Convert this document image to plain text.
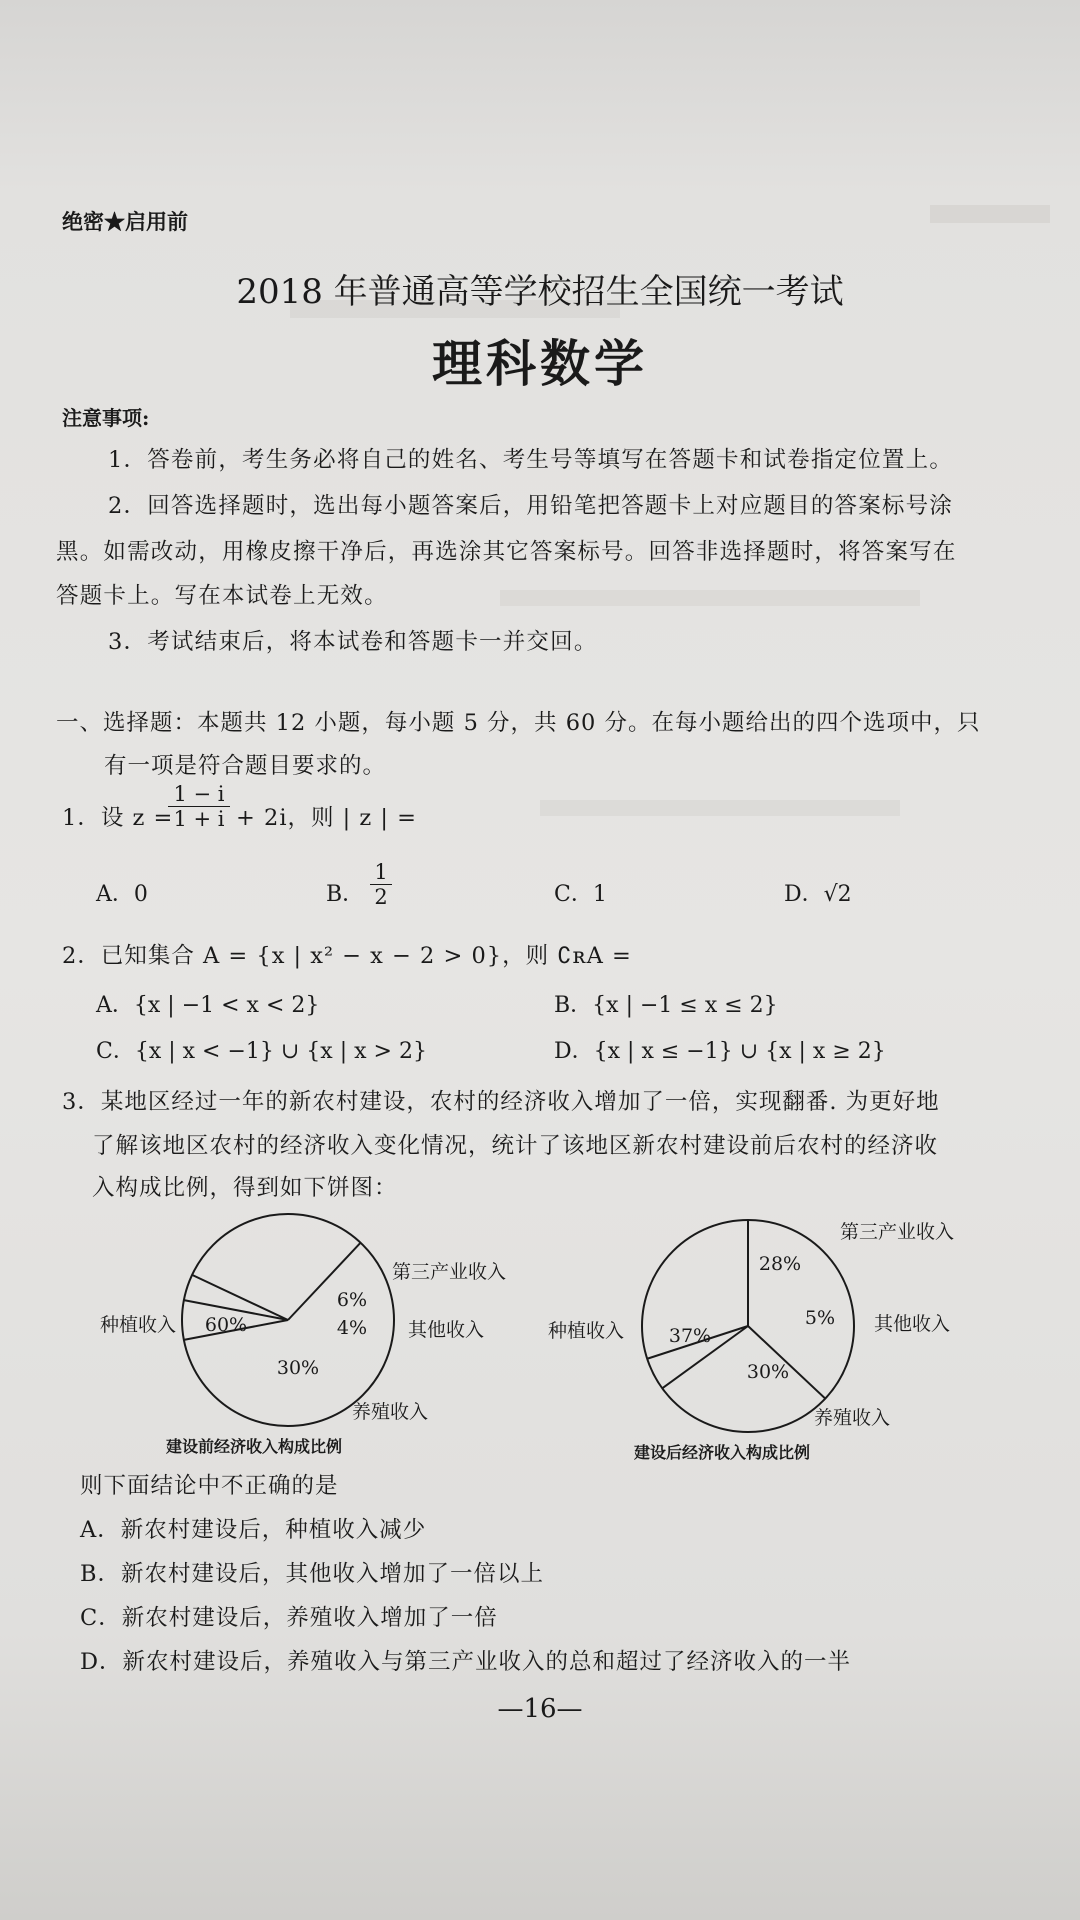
绝密★启用前
2018 年普通高等学校招生全国统一考试
理科数学
注意事项:
1．答卷前，考生务必将自己的姓名、考生号等填写在答题卡和试卷指定位置上。
2．回答选择题时，选出每小题答案后，用铅笔把答题卡上对应题目的答案标号涂
黑。如需改动，用橡皮擦干净后，再选涂其它答案标号。回答非选择题时，将答案写在
答题卡上。写在本试卷上无效。
3．考试结束后，将本试卷和答题卡一并交回。
一、选择题：本题共 12 小题，每小题 5 分，共 60 分。在每小题给出的四个选项中，只
有一项是符合题目要求的。
1．设 z =
$\frac{1 - i}{1 + i} + 2i$，则 | z | =
A．0	B． $\frac{1}{2}$	C．1	D．√2
2．已知集合 A = {x | x² − x − 2 > 0}，则 ∁ʀA =
A．{x | −1 < x < 2}	B．{x | −1 ≤ x ≤ 2}
C．{x | x < −1} ∪ {x | x > 2}	D．{x | x ≤ −1} ∪ {x | x ≥ 2}
3．某地区经过一年的新农村建设，农村的经济收入增加了一倍，实现翻番. 为更好地
了解该地区农村的经济收入变化情况，统计了该地区新农村建设前后农村的经济收
入构成比例，得到如下饼图：
60%
6%
4%
30%
种植收入
第三产业收入
其他收入
养殖收入
37%
28%
5%
30%
种植收入
第三产业收入
其他收入
养殖收入
建设前经济收入构成比例	建设后经济收入构成比例
则下面结论中不正确的是
A．新农村建设后，种植收入减少
B．新农村建设后，其他收入增加了一倍以上
C．新农村建设后，养殖收入增加了一倍
D．新农村建设后，养殖收入与第三产业收入的总和超过了经济收入的一半
—16—
